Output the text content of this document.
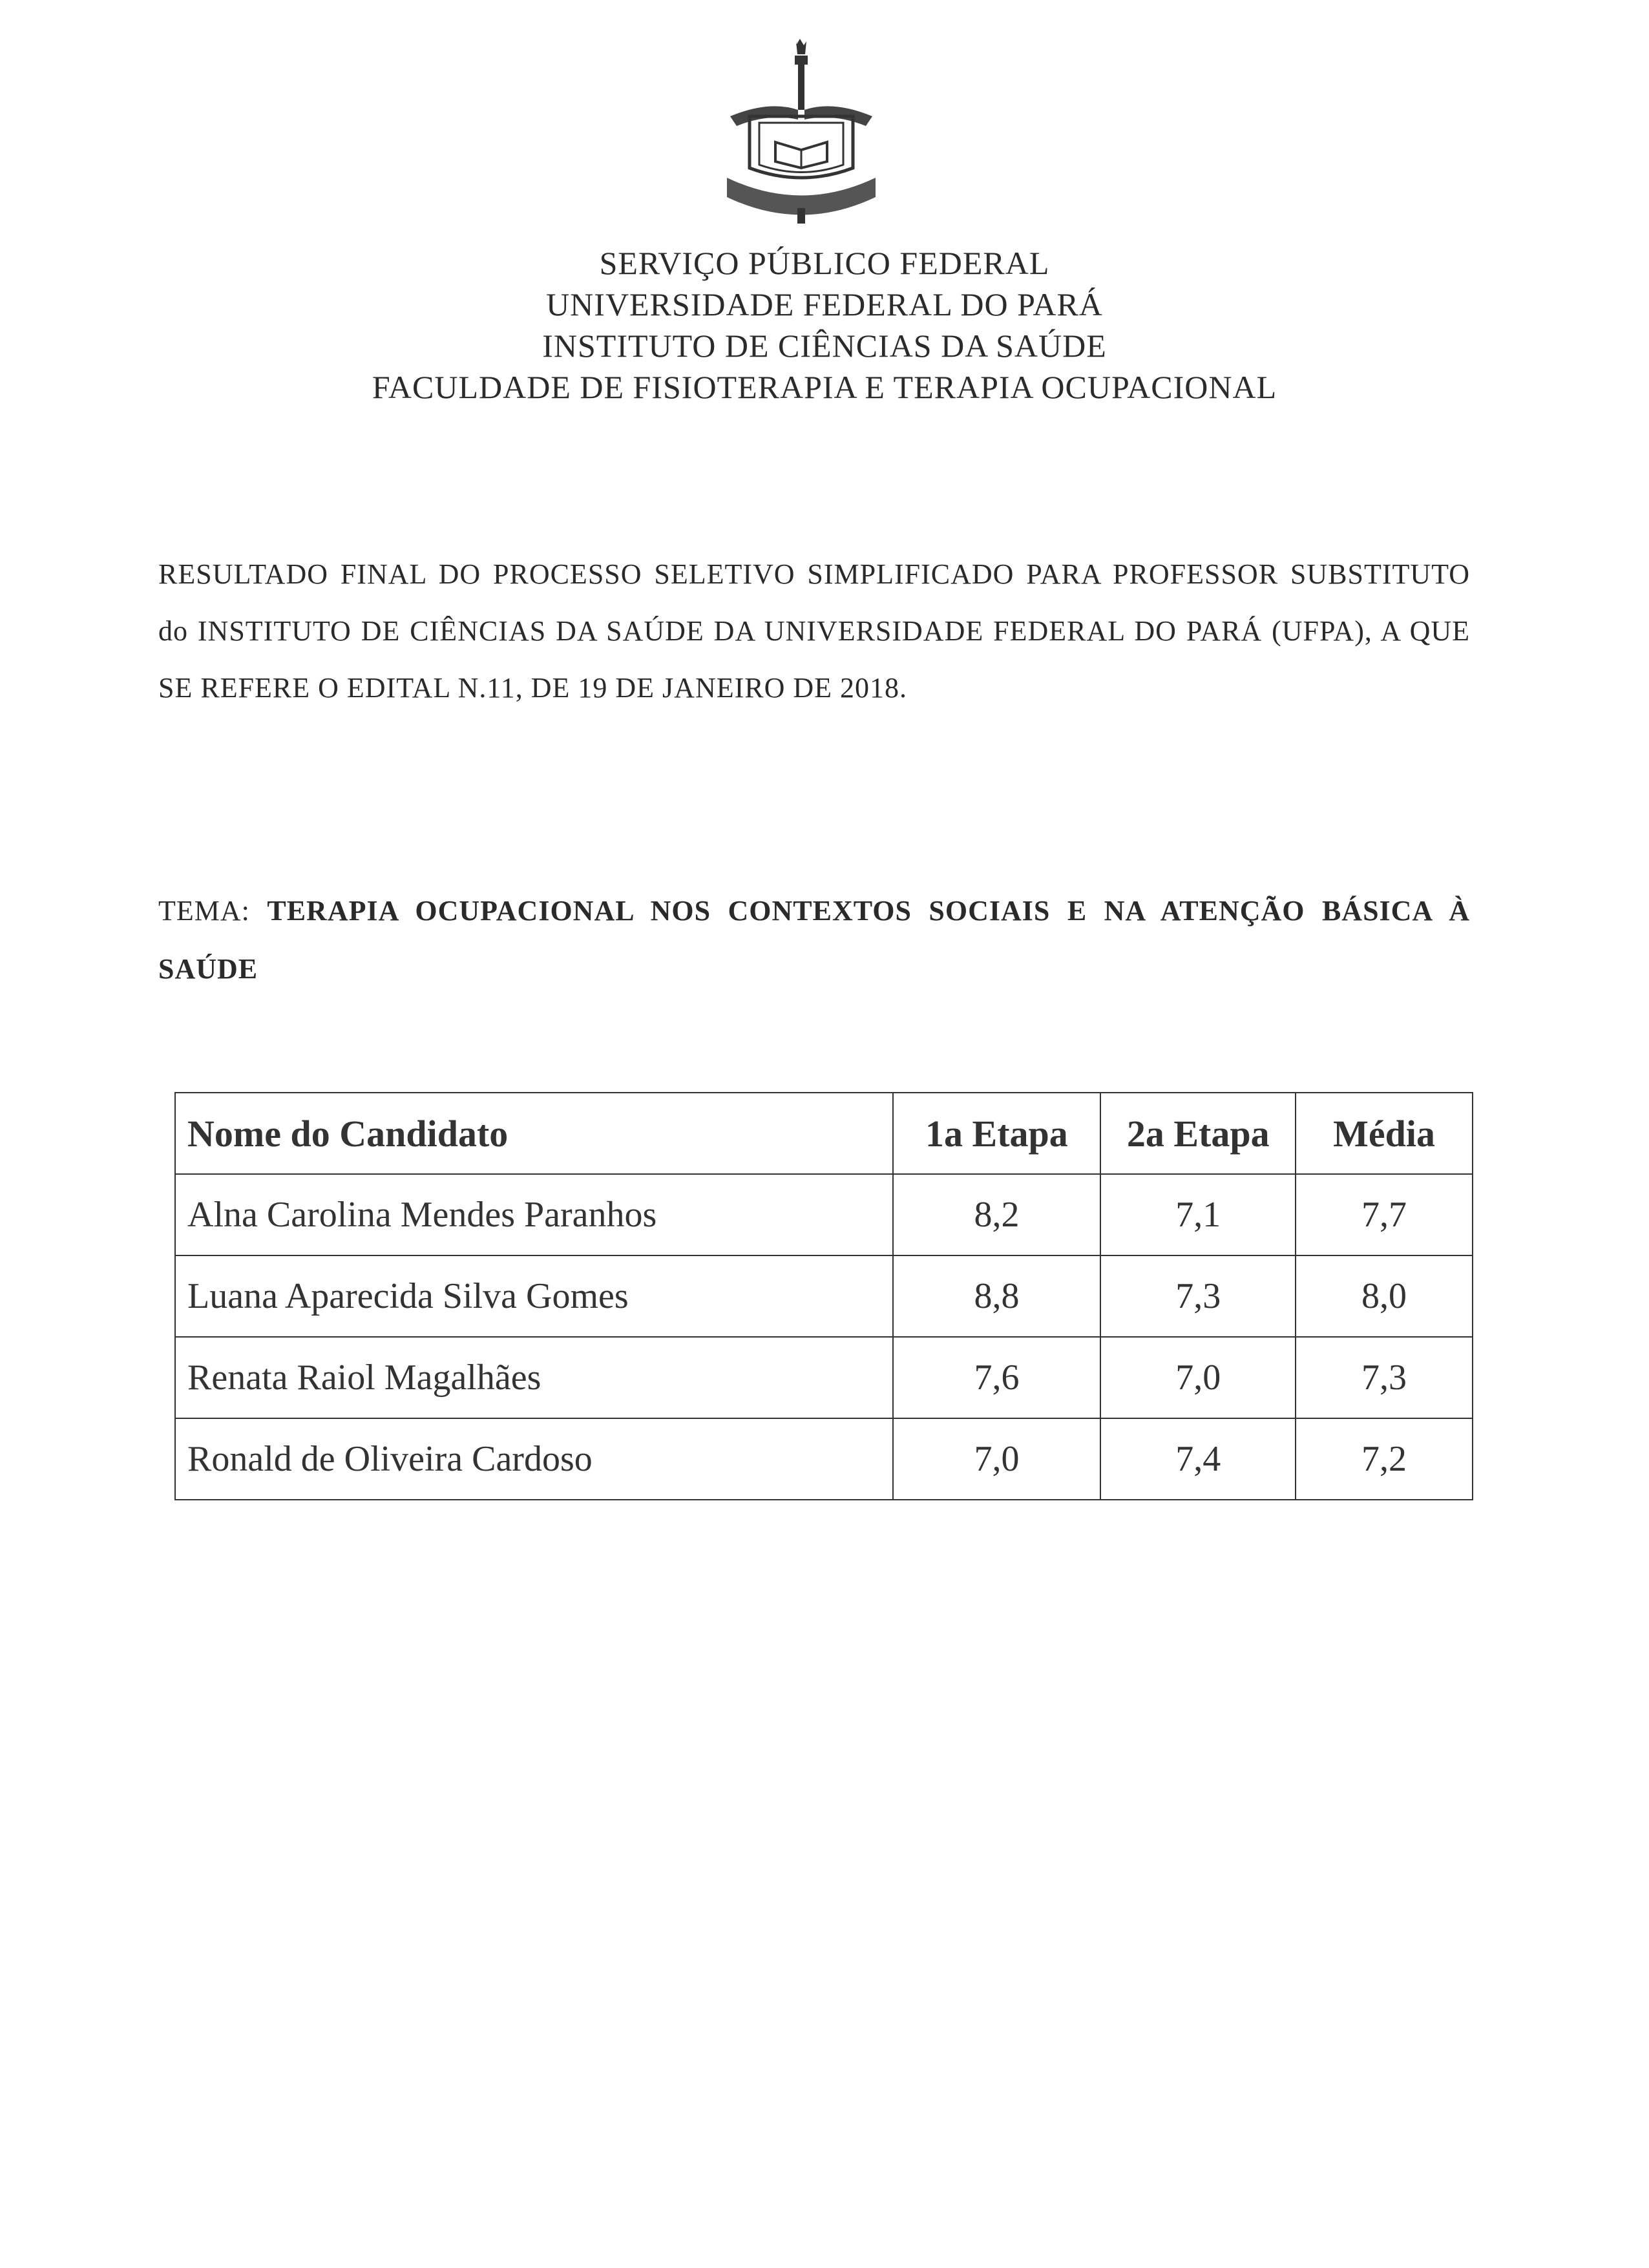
SERVIÇO PÚBLICO FEDERAL
UNIVERSIDADE FEDERAL DO PARÁ
INSTITUTO DE CIÊNCIAS DA SAÚDE
FACULDADE DE FISIOTERAPIA E TERAPIA OCUPACIONAL
RESULTADO FINAL DO PROCESSO SELETIVO SIMPLIFICADO PARA PROFESSOR SUBSTITUTO do INSTITUTO DE CIÊNCIAS DA SAÚDE DA UNIVERSIDADE FEDERAL DO PARÁ (UFPA), A QUE SE REFERE O EDITAL N.11, DE 19 DE JANEIRO DE 2018.
TEMA: TERAPIA OCUPACIONAL NOS CONTEXTOS SOCIAIS E NA ATENÇÃO BÁSICA À SAÚDE
Nome do Candidato	1a Etapa	2a Etapa	Média
Alna Carolina Mendes Paranhos	8,2	7,1	7,7
Luana Aparecida Silva Gomes	8,8	7,3	8,0
Renata Raiol Magalhães	7,6	7,0	7,3
Ronald de Oliveira Cardoso	7,0	7,4	7,2
